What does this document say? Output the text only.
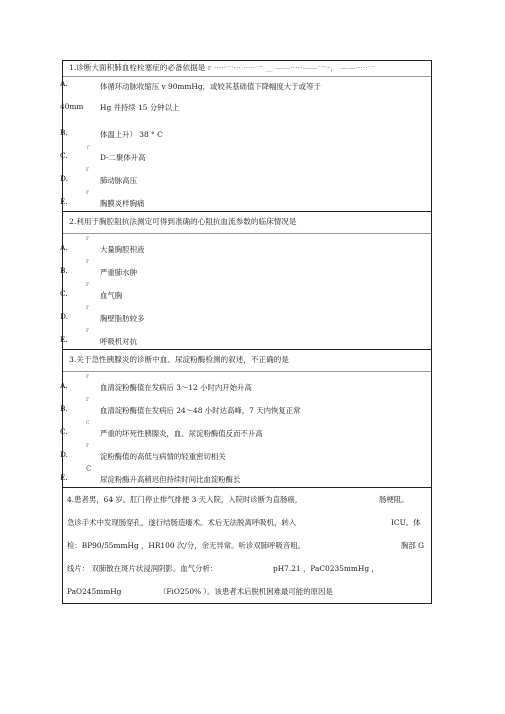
1.诊断大面积肺血栓栓塞症的必备依据是 r ·····一··· ·····一 __ ——·····——一·-， ——·····一
A.	体循环动脉收缩压 v 90mmHg，或较其基础值下降幅度大于或等于
40mm Hg 并持续 15 分钟以上
B.	体温上升） 38 ° C
┌
C.	D-二聚体升高
r
D.	肺动脉高压
r
E.	胸膜炎样胸痛
2.利用于胸腔阻抗法测定可得到准确的心阻抗血流参数的临床情况是
r
A.	大量胸腔积液
r
B.	严重肺水肿
r
C.	血气胸
r
D.	胸壁脂肪较多
r
E.	呼吸机对抗
3.关于急性胰腺炎的诊断中血、尿淀粉酶检测的叙述，不正确的是
r
A.	血清淀粉酶值在发病后 3～12 小时内开始升高
r
B.	血清淀粉酶值在发病后 24～48 小时达高峰，7 天内恢复正常
c
C.	严重的坏死性胰腺炎，血、尿淀粉酶值反而不升高
r
D.	淀粉酶值的高低与病情的轻重密切相关
C
E.	尿淀粉酶升高稍迟但持续时间比血淀粉酶长
4.患者男，64 岁。肛门停止排气排便 3 天入院，入院时诊断为直肠癌，	肠梗阻。
急诊手术中发现肠穿孔，遂行结肠造瘘术。术后无法脱离呼吸机，转入	ICU。体
检：BP90/55mmHg ，HR100 次/分，余无异常。听诊双肺呼吸音粗。	胸部 G
线片： 双肺散在斑片状浸润阴影。血气分析：	pH7.21 ，PaC0235mmHg ，
PaO245mmHg	（FiO250% ）。该患者术后脱机困难最可能的原因是
